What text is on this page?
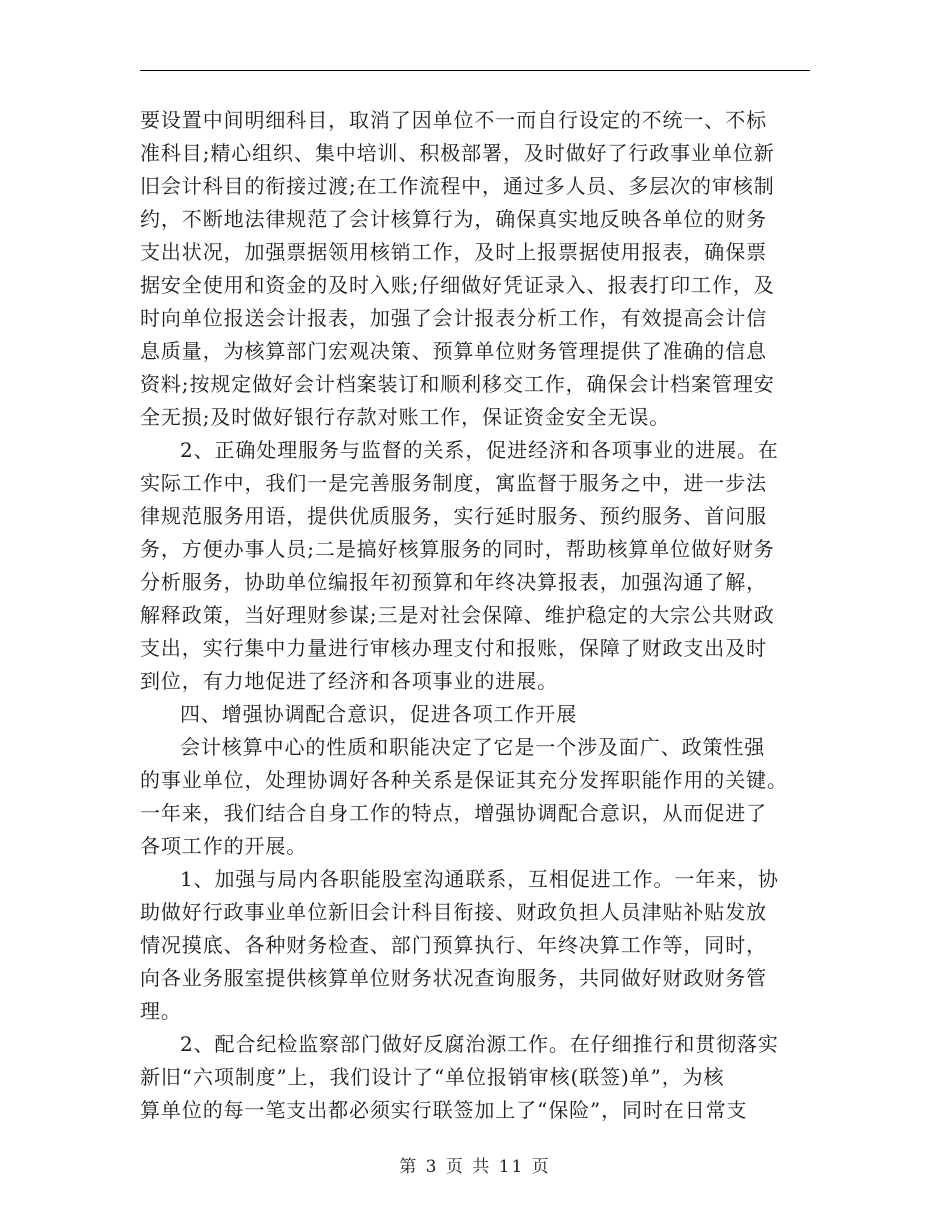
要设置中间明细科目，取消了因单位不一而自行设定的不统一、不标
准科目;精心组织、集中培训、积极部署，及时做好了行政事业单位新
旧会计科目的衔接过渡;在工作流程中，通过多人员、多层次的审核制
约，不断地法律规范了会计核算行为，确保真实地反映各单位的财务
支出状况，加强票据领用核销工作，及时上报票据使用报表，确保票
据安全使用和资金的及时入账;仔细做好凭证录入、报表打印工作，及
时向单位报送会计报表，加强了会计报表分析工作，有效提高会计信
息质量，为核算部门宏观决策、预算单位财务管理提供了准确的信息
资料;按规定做好会计档案装订和顺利移交工作，确保会计档案管理安
全无损;及时做好银行存款对账工作，保证资金安全无误。
2、正确处理服务与监督的关系，促进经济和各项事业的进展。在
实际工作中，我们一是完善服务制度，寓监督于服务之中，进一步法
律规范服务用语，提供优质服务，实行延时服务、预约服务、首问服
务，方便办事人员;二是搞好核算服务的同时，帮助核算单位做好财务
分析服务，协助单位编报年初预算和年终决算报表，加强沟通了解，
解释政策，当好理财参谋;三是对社会保障、维护稳定的大宗公共财政
支出，实行集中力量进行审核办理支付和报账，保障了财政支出及时
到位，有力地促进了经济和各项事业的进展。
四、增强协调配合意识，促进各项工作开展
会计核算中心的性质和职能决定了它是一个涉及面广、政策性强
的事业单位，处理协调好各种关系是保证其充分发挥职能作用的关键。
一年来，我们结合自身工作的特点，增强协调配合意识，从而促进了
各项工作的开展。
1、加强与局内各职能股室沟通联系，互相促进工作。一年来，协
助做好行政事业单位新旧会计科目衔接、财政负担人员津贴补贴发放
情况摸底、各种财务检查、部门预算执行、年终决算工作等，同时，
向各业务服室提供核算单位财务状况查询服务，共同做好财政财务管
理。
2、配合纪检监察部门做好反腐治源工作。在仔细推行和贯彻落实
新旧“六项制度”上，我们设计了“单位报销审核(联签)单”，为核
算单位的每一笔支出都必须实行联签加上了“保险”，同时在日常支
第 3 页 共 11 页
